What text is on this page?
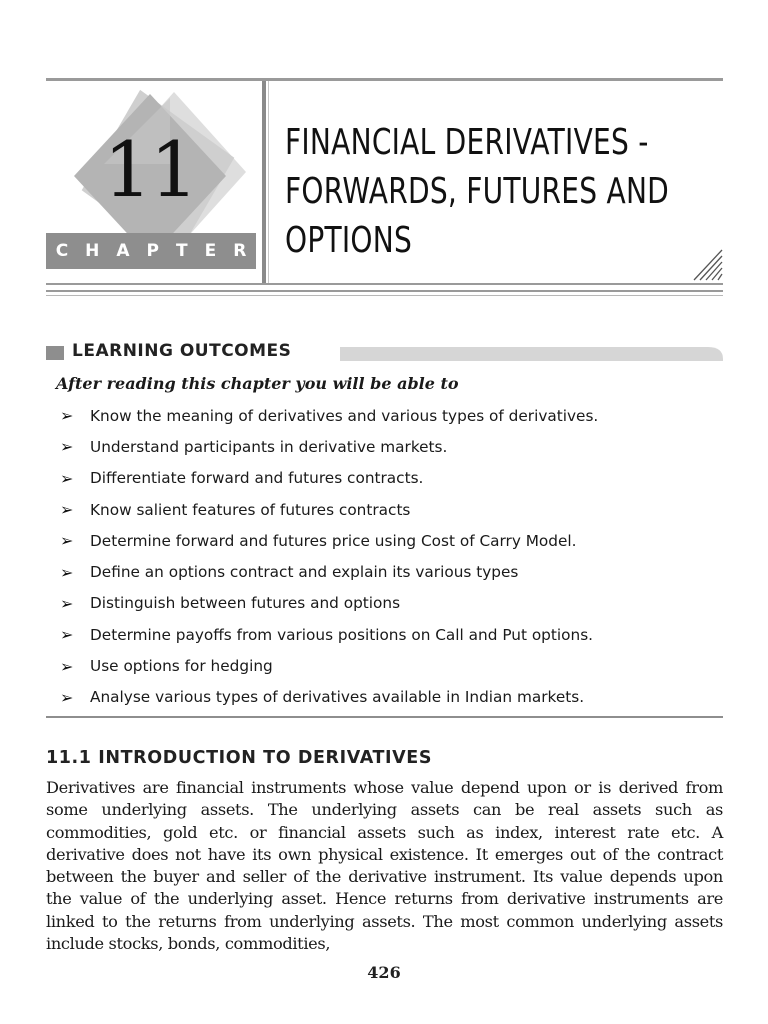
11
CHAPTER
FINANCIAL DERIVATIVES -
FORWARDS, FUTURES AND
OPTIONS
LEARNING OUTCOMES
After reading this chapter you will be able to
➢	Know the meaning of derivatives and various types of derivatives.
➢	Understand participants in derivative markets.
➢	Differentiate forward and futures contracts.
➢	Know salient features of futures contracts
➢	Determine forward and futures price using Cost of Carry Model.
➢	Define an options contract and explain its various types
➢	Distinguish between futures and options
➢	Determine payoffs from various positions on Call and Put options.
➢	Use options for hedging
➢	Analyse various types of derivatives available in Indian markets.
11.1 INTRODUCTION TO DERIVATIVES

Derivatives are financial instruments whose value depend upon or is derived from some underlying assets. The underlying assets can be real assets such as commodities, gold etc. or financial assets such as index, interest rate etc. A derivative does not have its own physical existence. It emerges out of the contract between the buyer and seller of the derivative instrument. Its value depends upon the value of the underlying asset. Hence returns from derivative instruments are linked to the returns from underlying assets. The most common underlying assets include stocks, bonds, commodities,

426
